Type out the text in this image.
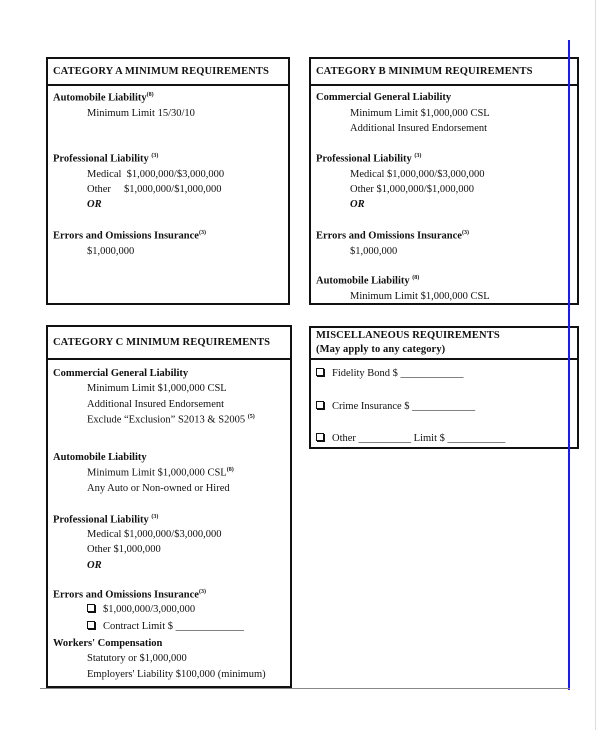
CATEGORY A MINIMUM REQUIREMENTS
Automobile Liability$^{(8)}$
Minimum Limit 15/30/10
Professional Liability $^{(3)}$
Medical  $1,000,000/$3,000,000
Other     $1,000,000/$1,000,000
OR
Errors and Omissions Insurance$^{(3)}$
$1,000,000
CATEGORY B MINIMUM REQUIREMENTS
Commercial General Liability
Minimum Limit $1,000,000 CSL
Additional Insured Endorsement
Professional Liability $^{(3)}$
Medical $1,000,000/$3,000,000
Other $1,000,000/$1,000,000
OR
Errors and Omissions Insurance$^{(3)}$
$1,000,000
Automobile Liability $^{(8)}$
Minimum Limit $1,000,000 CSL
CATEGORY C MINIMUM REQUIREMENTS
Commercial General Liability
Minimum Limit $1,000,000 CSL
Additional Insured Endorsement
Exclude “Exclusion” S2013 & S2005 $^{(5)}$
Automobile Liability
Minimum Limit $1,000,000 CSL$^{(8)}$
Any Auto or Non-owned or Hired
Professional Liability $^{(3)}$
Medical $1,000,000/$3,000,000
Other $1,000,000
OR
Errors and Omissions Insurance$^{(3)}$
$1,000,000/3,000,000
Contract Limit $ _____________
Workers' Compensation
Statutory or $1,000,000
Employers' Liability $100,000 (minimum)
MISCELLANEOUS REQUIREMENTS
(May apply to any category)
Fidelity Bond $ ____________
Crime Insurance $ ____________
Other __________ Limit $ ___________
